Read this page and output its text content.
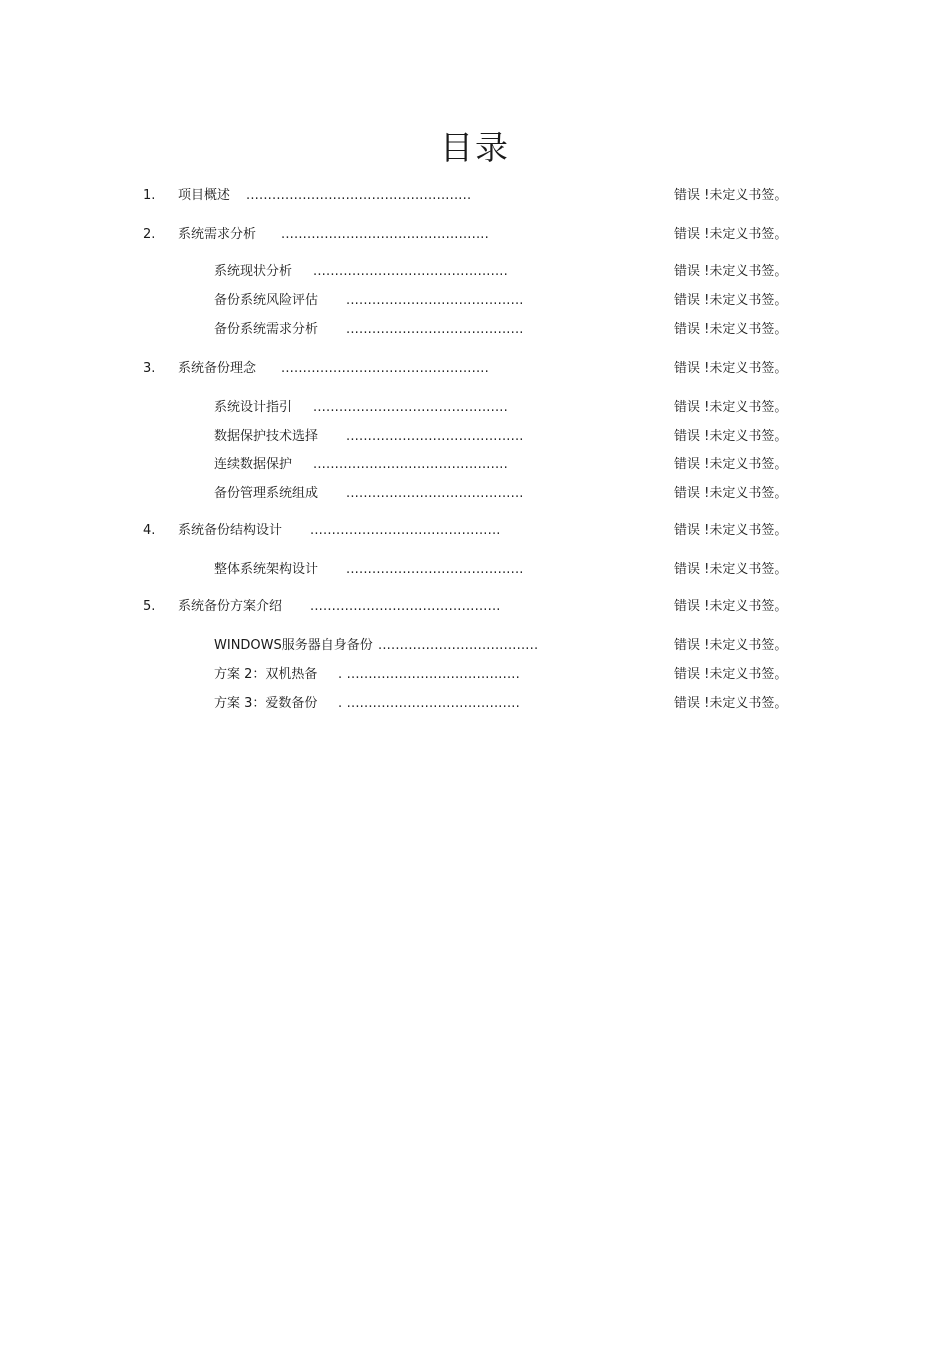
目录
1. 项目概述 ....................................................	错误 !未定义书签。
2. 系统需求分析 ................................................	错误 !未定义书签。
系统现状分析 .............................................	错误 !未定义书签。
备份系统风险评估 .........................................	错误 !未定义书签。
备份系统需求分析 .........................................	错误 !未定义书签。
3. 系统备份理念 ................................................	错误 !未定义书签。
系统设计指引 .............................................	错误 !未定义书签。
数据保护技术选择 .........................................	错误 !未定义书签。
连续数据保护 .............................................	错误 !未定义书签。
备份管理系统组成 .........................................	错误 !未定义书签。
4. 系统备份结构设计 ............................................	错误 !未定义书签。
整体系统架构设计 .........................................	错误 !未定义书签。
5. 系统备份方案介绍 ............................................	错误 !未定义书签。
WINDOWS服务器自身备份 .....................................	错误 !未定义书签。
方案 2：双机热备 . ........................................	错误 !未定义书签。
方案 3：爱数备份 . ........................................	错误 !未定义书签。
